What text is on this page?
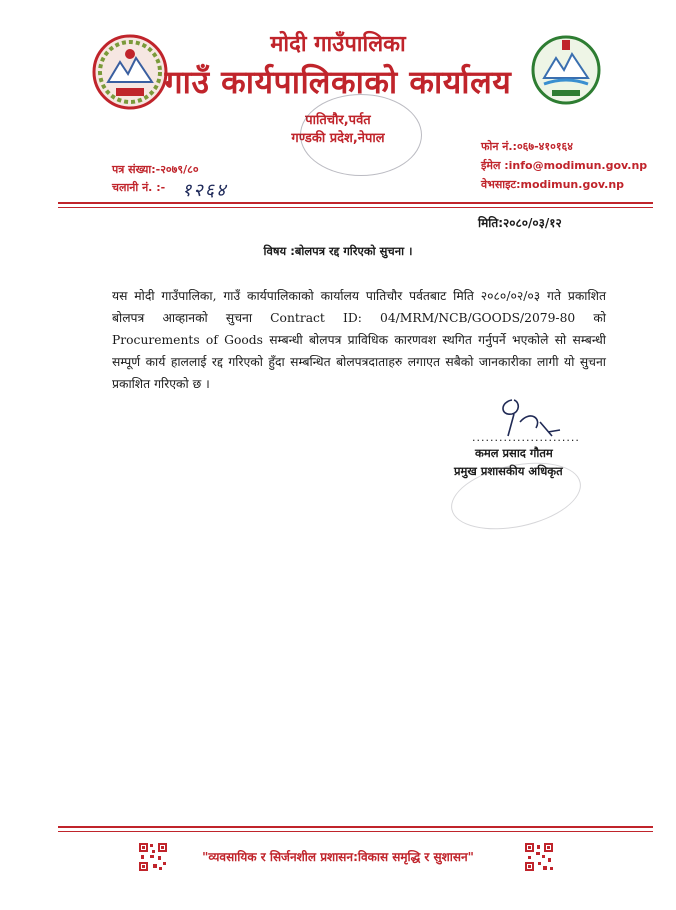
मोदी गाउँपालिका
गाउँ कार्यपालिकाको कार्यालय
पातिचौर,पर्वत
गण्डकी प्रदेश,नेपाल
पत्र संख्या:-२०७९/८०
चलानी नं. :- १२६४
फोन नं.:०६७-४१०१६४
ईमेल :info@modimun.gov.np
वेभसाइट:modimun.gov.np
मिति:२०८०/०३/१२
विषय :बोलपत्र रद्द गरिएको सुचना ।
यस मोदी गाउँपालिका, गाउँ कार्यपालिकाको कार्यालय पातिचौर पर्वतबाट मिति २०८०/०२/०३ गते प्रकाशित बोलपत्र आव्हानको सुचना Contract ID: 04/MRM/NCB/GOODS/2079-80 को Procurements of Goods सम्बन्धी बोलपत्र प्राविधिक कारणवश स्थगित गर्नुपर्ने भएकोले सो सम्बन्धी सम्पूर्ण कार्य हाललाई रद्द गरिएको हुँदा सम्बन्धित बोलपत्रदाताहरु लगाएत सबैको जानकारीका लागी यो सुचना प्रकाशित गरिएको छ ।
........................
कमल प्रसाद गौतम
प्रमुख प्रशासकीय अधिकृत
"व्यवसायिक र सिर्जनशील प्रशासन:विकास समृद्धि र सुशासन"
